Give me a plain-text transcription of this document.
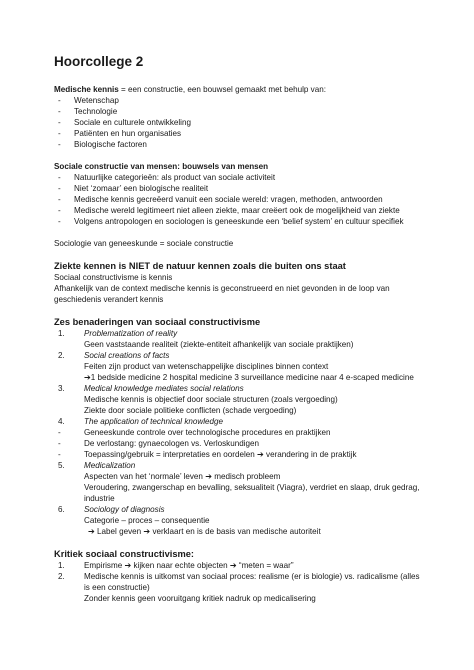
Hoorcollege 2

Medische kennis = een constructie, een bouwsel gemaakt met behulp van:

- Wetenschap
- Technologie
- Sociale en culturele ontwikkeling
- Patiënten en hun organisaties
- Biologische factoren

Sociale constructie van mensen: bouwsels van mensen

- Natuurlijke categorieën: als product van sociale activiteit
- Niet ‘zomaar’ een biologische realiteit
- Medische kennis gecreëerd vanuit een sociale wereld: vragen, methoden, antwoorden
- Medische wereld legitimeert niet alleen ziekte, maar creëert ook de mogelijkheid van ziekte
- Volgens antropologen en sociologen is geneeskunde een ‘belief system’ en cultuur specifiek

Sociologie van geneeskunde = sociale constructie

Ziekte kennen is NIET de natuur kennen zoals die buiten ons staat

Sociaal constructivisme is kennis

Afhankelijk van de context medische kennis is geconstrueerd en niet gevonden in de loop van

geschiedenis verandert kennis

Zes benaderingen van sociaal constructivisme

1. Problematization of reality
Geen vaststaande realiteit (ziekte-entiteit afhankelijk van sociale praktijken)
2. Social creations of facts
Feiten zijn product van wetenschappelijke disciplines binnen context
➔1 bedside medicine 2 hospital medicine 3 surveillance medicine naar 4 e-scaped medicine
3. Medical knowledge mediates social relations
Medische kennis is objectief door sociale structuren (zoals vergoeding)
Ziekte door sociale politieke conflicten (schade vergoeding)
4. The application of technical knowledge
-	Geneeskunde controle over technologische procedures en praktijken
-	De verlostang: gynaecologen vs. Verloskundigen
-	Toepassing/gebruik = interpretaties en oordelen ➔ verandering in de praktijk
5. Medicalization
Aspecten van het ‘normale’ leven ➔ medisch probleem
Veroudering, zwangerschap en bevalling, seksualiteit (Viagra), verdriet en slaap, druk gedrag,
industrie
6. Sociology of diagnosis
Categorie – proces – consequentie
➔ Label geven ➔ verklaart en is de basis van medische autoriteit

Kritiek sociaal constructivisme:

1. Empirisme ➔ kijken naar echte objecten ➔ “meten = waar”
2. Medische kennis is uitkomst van sociaal proces: realisme (er is biologie) vs. radicalisme (alles
is een constructie)
Zonder kennis geen vooruitgang kritiek nadruk op medicalisering
